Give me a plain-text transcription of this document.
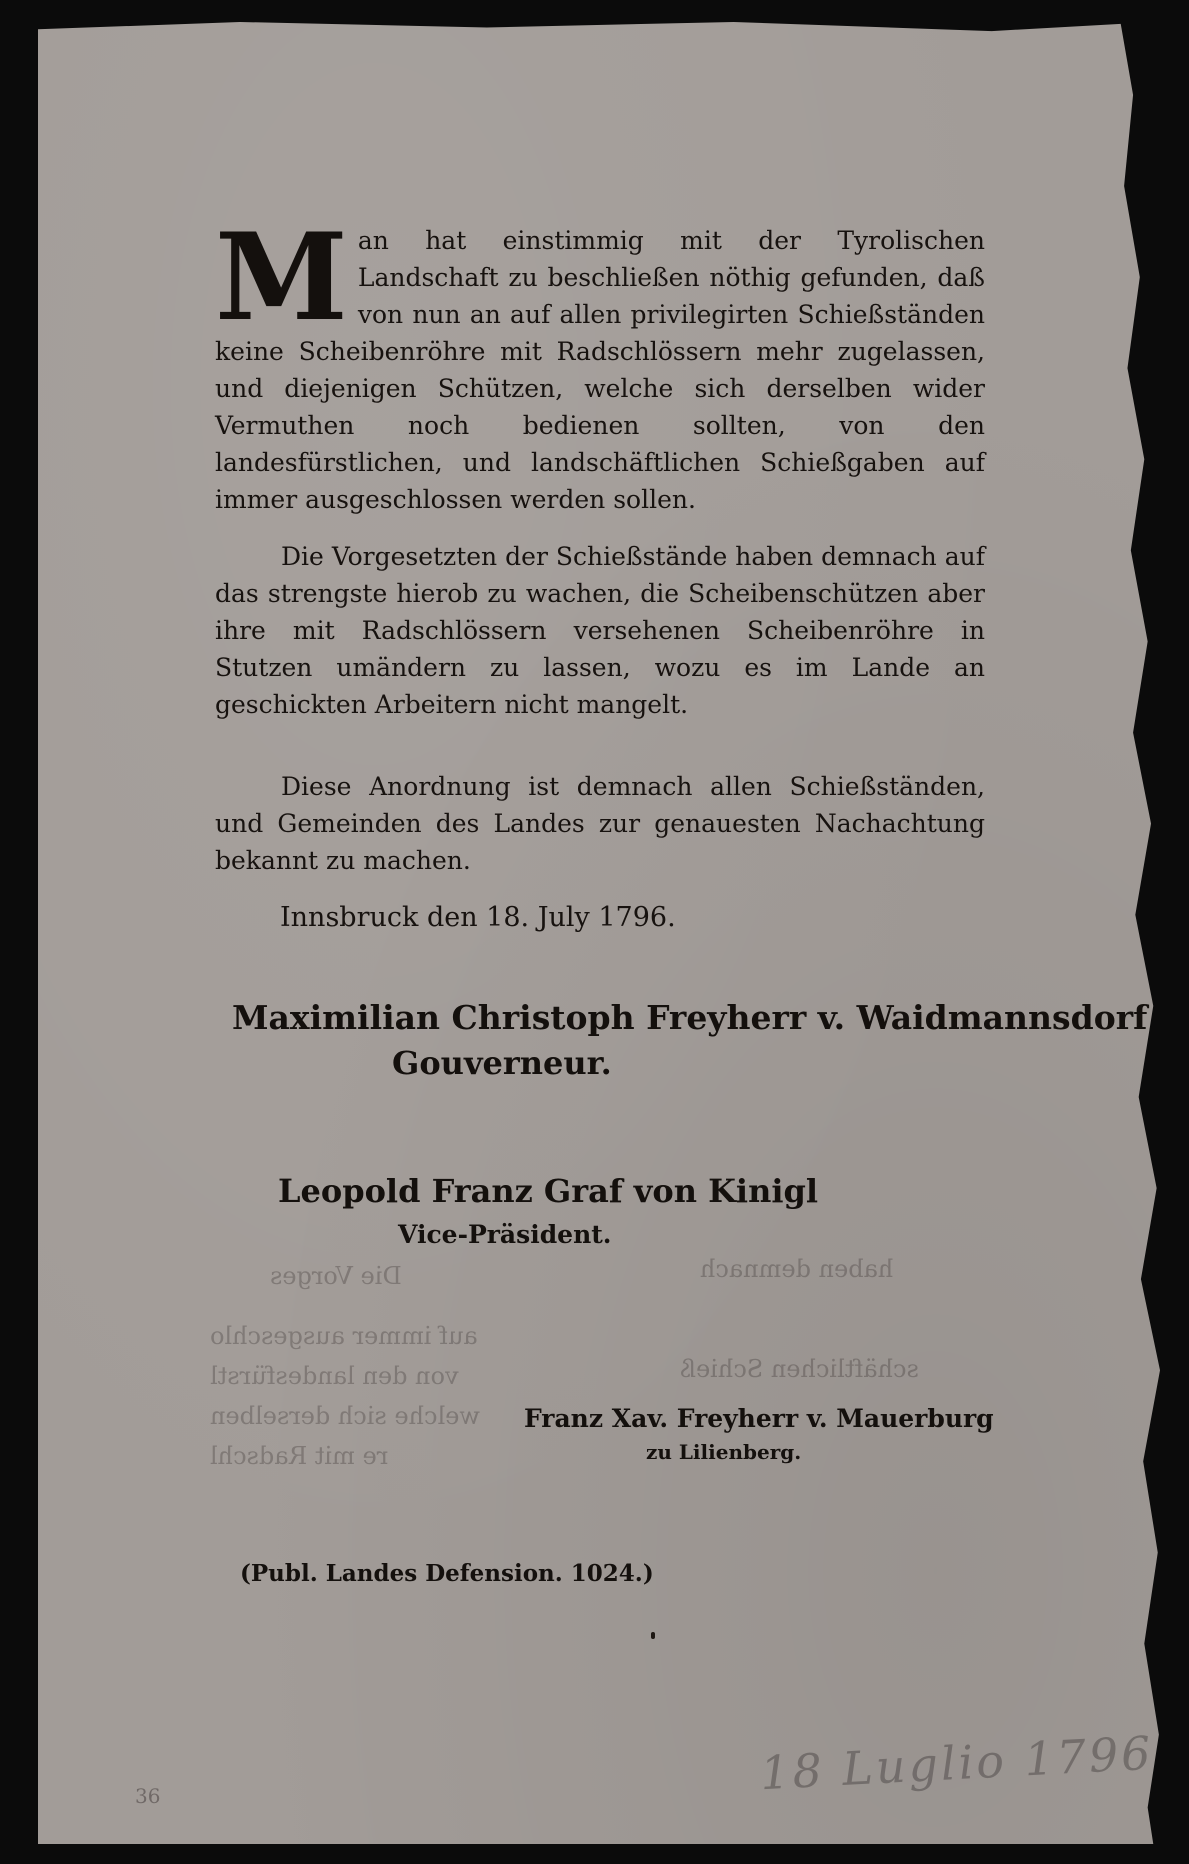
Die Vorges	haben demnach

auf immer ausgeschlo

von den landesfürstl	schäftlichen Schieß

welche sich derselben

re mit Radschl

Man hat einstimmig mit der Tyrolischen Landschaft zu beschließen nöthig gefunden, daß von nun an auf allen privilegirten Schießständen keine Scheibenröhre mit Radschlössern mehr zugelassen, und diejenigen Schützen, welche sich derselben wider Vermuthen noch bedienen sollten, von den landesfürstlichen, und landschäftlichen Schießgaben auf immer ausgeschlossen werden sollen.

Die Vorgesetzten der Schießstände haben demnach auf das strengste hierob zu wachen, die Scheibenschützen aber ihre mit Radschlössern versehenen Scheibenröhre in Stutzen umändern zu lassen, wozu es im Lande an geschickten Arbeitern nicht mangelt.

Diese Anordnung ist demnach allen Schießständen, und Gemeinden des Landes zur genauesten Nachachtung bekannt zu machen.

Innsbruck den 18. July 1796.

Maximilian Christoph Freyherr v. Waidmannsdorf

Gouverneur.

Leopold Franz Graf von Kinigl

Vice-Präsident.

Franz Xav. Freyherr v. Mauerburg

zu Lilienberg.

(Publ. Landes Defension. 1024.)

18 Luglio 1796

36
